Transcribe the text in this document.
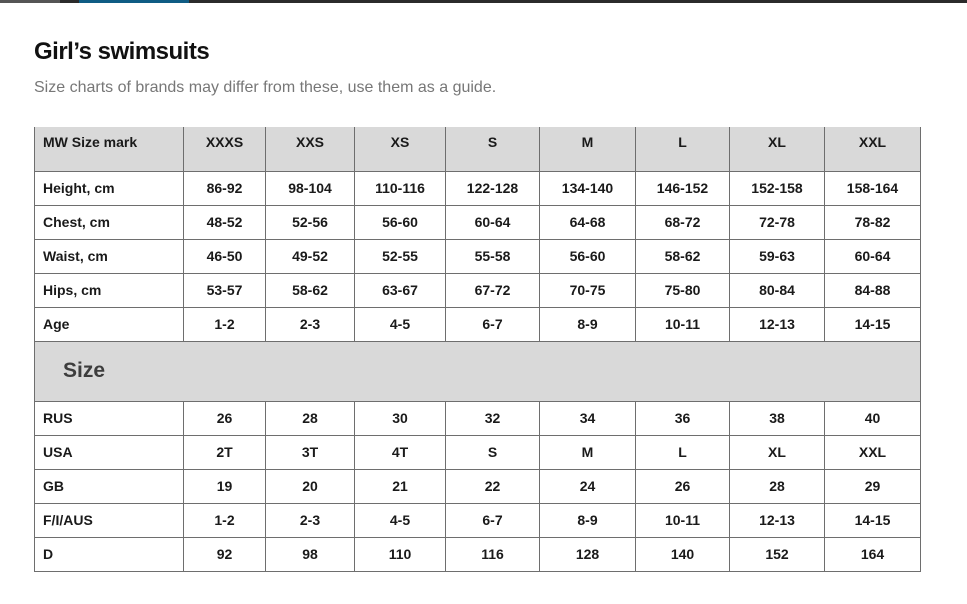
Girl’s swimsuits

Size charts of brands may differ from these, use them as a guide.

MW Size mark	XXXS	XXS	XS	S	M	L	XL	XXL
Height, cm	86-92	98-104	110-116	122-128	134-140	146-152	152-158	158-164
Chest, cm	48-52	52-56	56-60	60-64	64-68	68-72	72-78	78-82
Waist, cm	46-50	49-52	52-55	55-58	56-60	58-62	59-63	60-64
Hips, cm	53-57	58-62	63-67	67-72	70-75	75-80	80-84	84-88
Age	1-2	2-3	4-5	6-7	8-9	10-11	12-13	14-15
Size								
RUS	26	28	30	32	34	36	38	40
USA	2T	3T	4T	S	M	L	XL	XXL
GB	19	20	21	22	24	26	28	29
F/I/AUS	1-2	2-3	4-5	6-7	8-9	10-11	12-13	14-15
D	92	98	110	116	128	140	152	164
